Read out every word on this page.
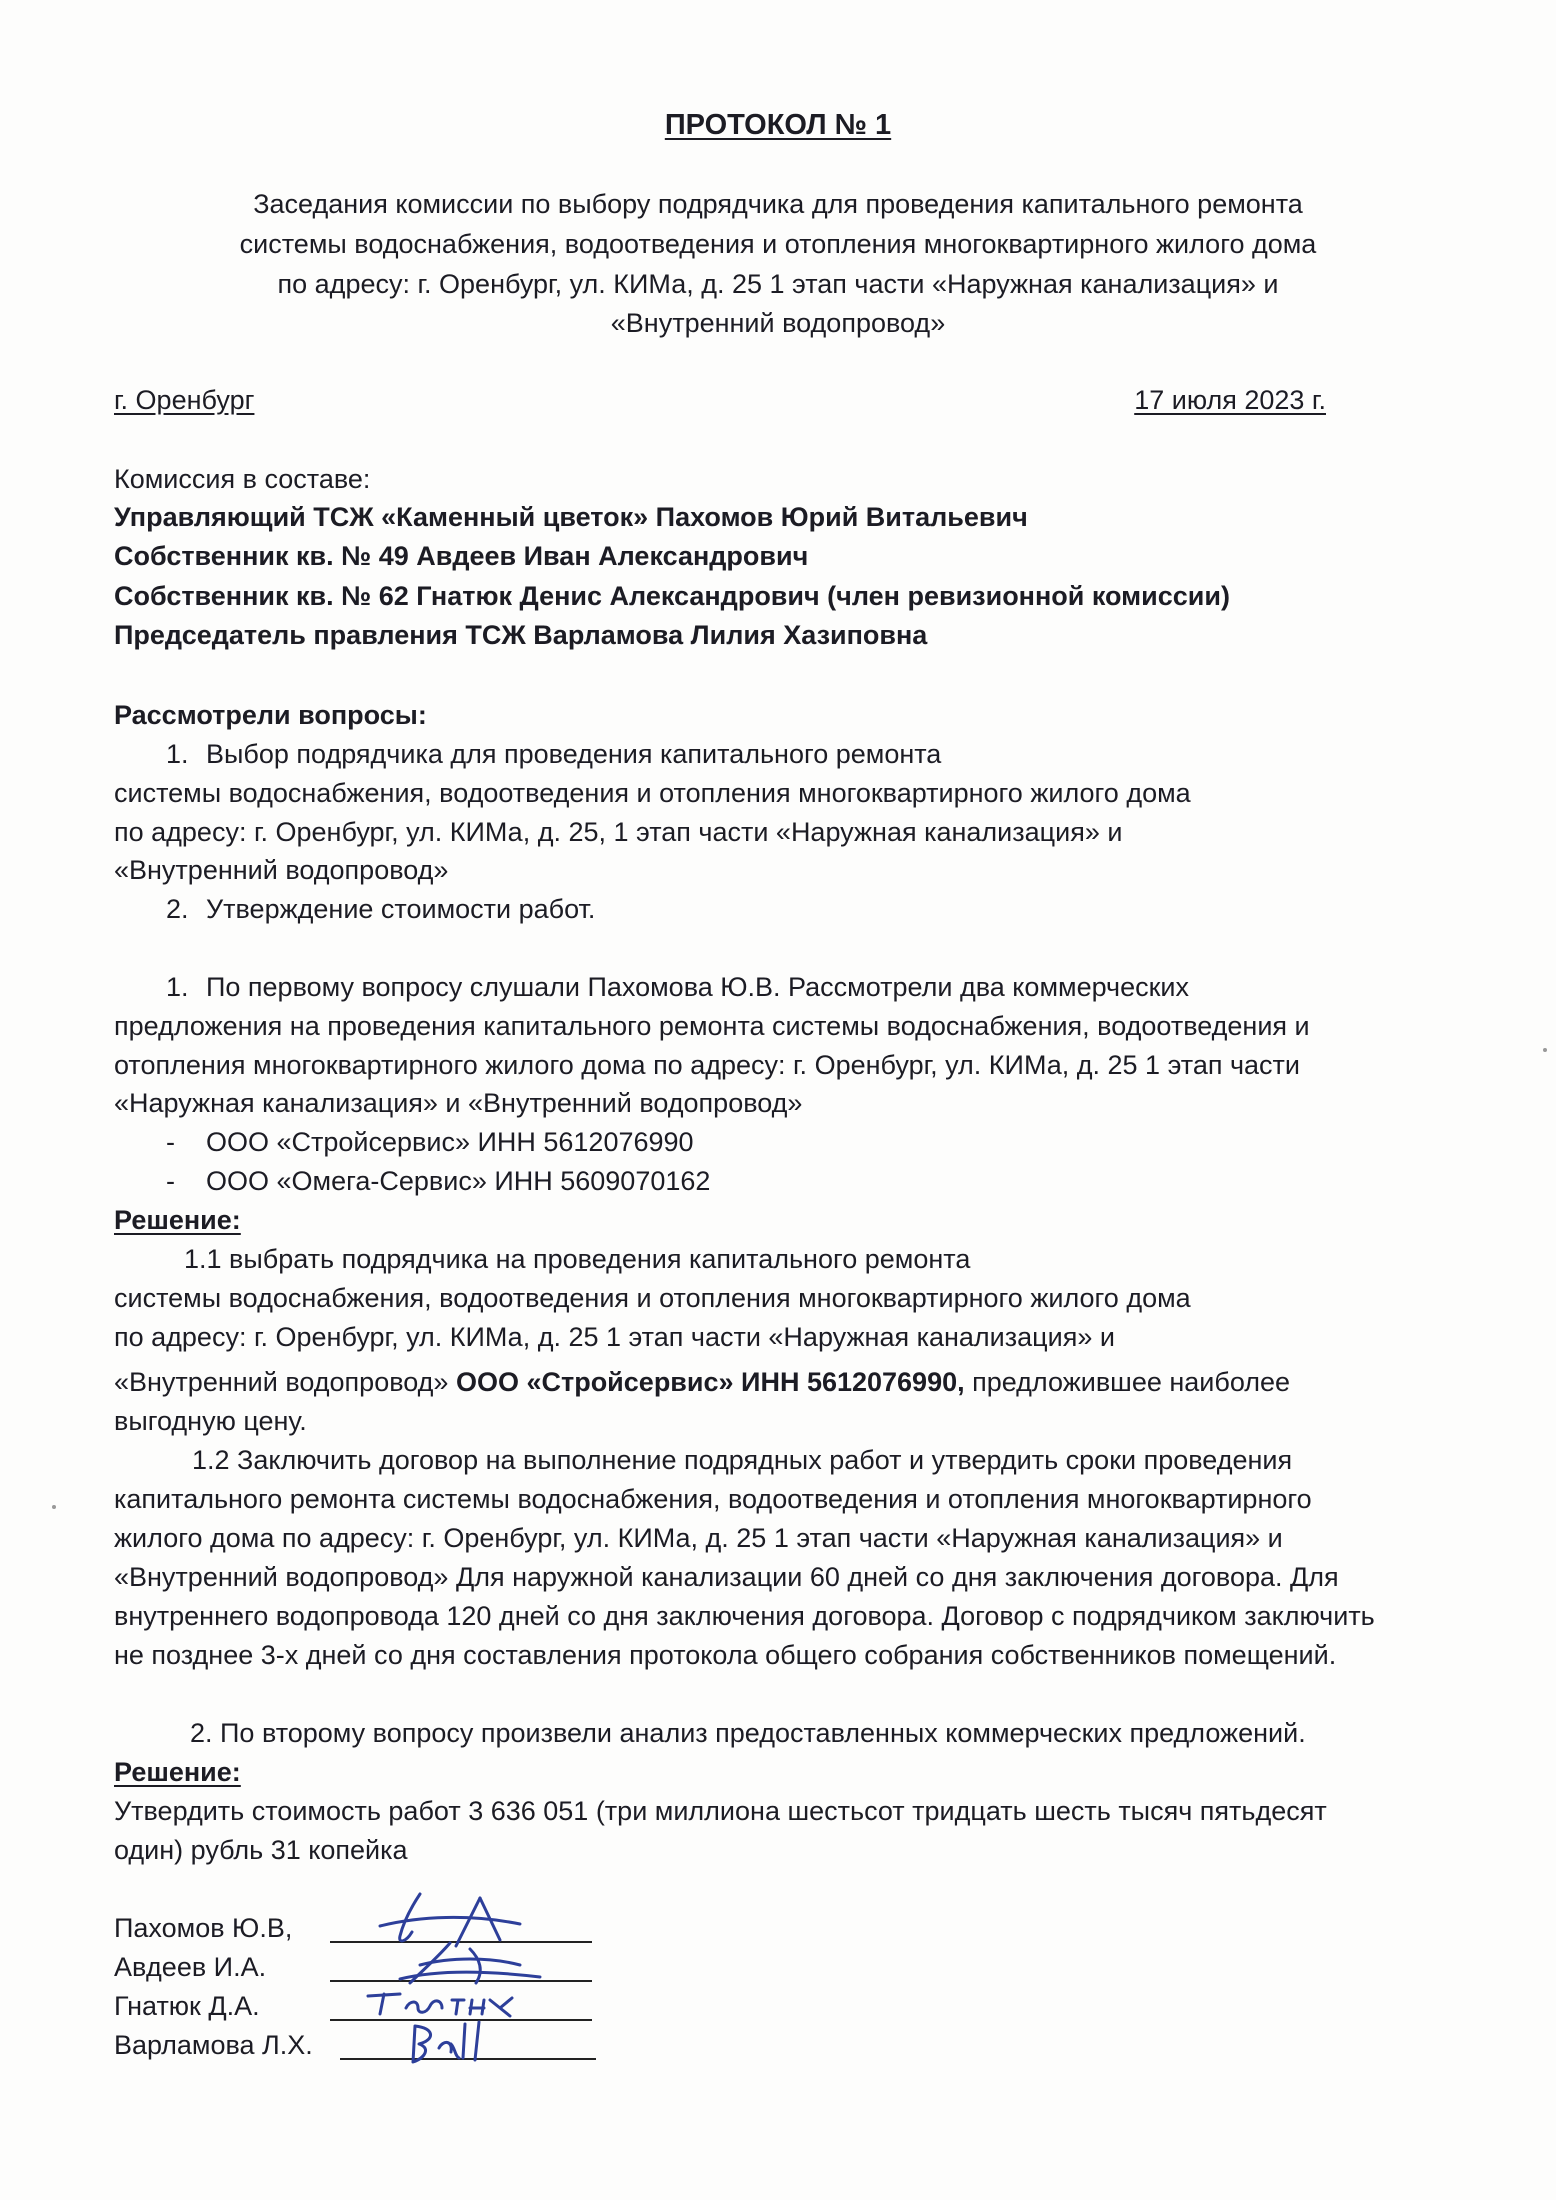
ПРОТОКОЛ № 1
Заседания комиссии по выбору подрядчика для проведения капитального ремонта
системы водоснабжения, водоотведения и отопления многоквартирного жилого дома
по адресу: г. Оренбург, ул. КИМа, д. 25 1 этап части «Наружная канализация» и
«Внутренний водопровод»
г. Оренбург	17 июля 2023 г.
Комиссия в составе:
Управляющий ТСЖ «Каменный цветок» Пахомов Юрий Витальевич
Собственник кв. № 49 Авдеев Иван Александрович
Собственник кв. № 62 Гнатюк Денис Александрович (член ревизионной комиссии)
Председатель правления ТСЖ Варламова Лилия Хазиповна
Рассмотрели вопросы:
1. Выбор подрядчика для проведения капитального ремонта
системы водоснабжения, водоотведения и отопления многоквартирного жилого дома
по адресу: г. Оренбург, ул. КИМа, д. 25, 1 этап части «Наружная канализация» и
«Внутренний водопровод»
2. Утверждение стоимости работ.
1. По первому вопросу слушали Пахомова Ю.В. Рассмотрели два коммерческих
предложения на проведения капитального ремонта системы водоснабжения, водоотведения и
отопления многоквартирного жилого дома по адресу: г. Оренбург, ул. КИМа, д. 25 1 этап части
«Наружная канализация» и «Внутренний водопровод»
- ООО «Стройсервис» ИНН 5612076990
- ООО «Омега-Сервис» ИНН 5609070162
Решение:
1.1 выбрать подрядчика на проведения капитального ремонта
системы водоснабжения, водоотведения и отопления многоквартирного жилого дома
по адресу: г. Оренбург, ул. КИМа, д. 25 1 этап части «Наружная канализация» и
«Внутренний водопровод» ООО «Стройсервис» ИНН 5612076990, предложившее наиболее
выгодную цену.
1.2 Заключить договор на выполнение подрядных работ и утвердить сроки проведения
капитального ремонта системы водоснабжения, водоотведения и отопления многоквартирного
жилого дома по адресу: г. Оренбург, ул. КИМа, д. 25 1 этап части «Наружная канализация» и
«Внутренний водопровод» Для наружной канализации 60 дней со дня заключения договора. Для
внутреннего водопровода 120 дней со дня заключения договора. Договор с подрядчиком заключить
не позднее 3-х дней со дня составления протокола общего собрания собственников помещений.
2. По второму вопросу произвели анализ предоставленных коммерческих предложений.
Решение:
Утвердить стоимость работ 3 636 051 (три миллиона шестьсот тридцать шесть тысяч пятьдесят
один) рубль 31 копейка
Пахомов Ю.В,
Авдеев И.А.
Гнатюк Д.А.
Варламова Л.Х.
